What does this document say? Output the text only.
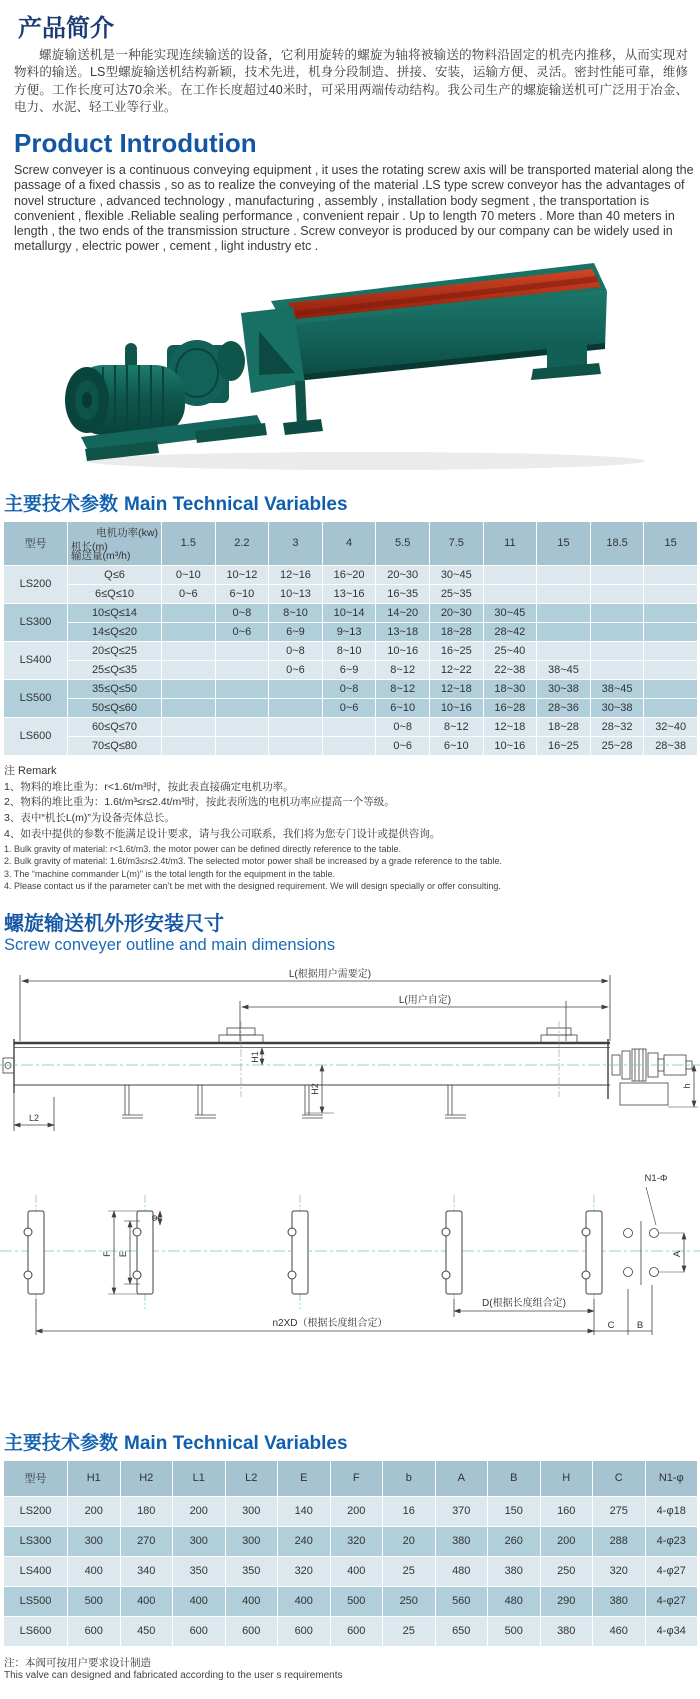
产品简介

螺旋输送机是一种能实现连续输送的设备，它利用旋转的螺旋为轴将被输送的物料沿固定的机壳内推移，从而实现对物料的输送。LS型螺旋输送机结构新颖，技术先进，机身分段制造、拼接、安装，运输方便、灵活。密封性能可靠，维修方便。工作长度可达70余米。在工作长度超过40米时，可采用两端传动结构。我公司生产的螺旋输送机可广泛用于冶金、电力、水泥、轻工业等行业。

Product Introdution

Screw conveyer is a continuous conveying equipment , it uses the rotating screw axis will be transported material along the passage of a fixed chassis , so as to realize the conveying of the material .LS type screw conveyor has the advantages of novel structure , advanced technology , manufacturing , assembly , installation body segment , the transportation is convenient , flexible .Reliable sealing performance , convenient repair . Up to length 70 meters . More than 40 meters in length , the two ends of the transmission structure . Screw conveyor is produced by our company can be widely used in metallurgy , electric power , cement , light industry etc .

主要技术参数 Main Technical Variables
型号	电机功率(kw)
机长(m)
输送量(m³/h)	1.5	2.2	3	4	5.5	7.5	11	15	18.5	15
LS200	Q≤6	0~10	10~12	12~16	16~20	20~30	30~45				
	6≤Q≤10	0~6	6~10	10~13	13~16	16~35	25~35				
LS300	10≤Q≤14		0~8	8~10	10~14	14~20	20~30	30~45			
	14≤Q≤20		0~6	6~9	9~13	13~18	18~28	28~42			
LS400	20≤Q≤25			0~8	8~10	10~16	16~25	25~40			
	25≤Q≤35			0~6	6~9	8~12	12~22	22~38	38~45		
LS500	35≤Q≤50				0~8	8~12	12~18	18~30	30~38	38~45	
	50≤Q≤60				0~6	6~10	10~16	16~28	28~36	30~38	
LS600	60≤Q≤70					0~8	8~12	12~18	18~28	28~32	32~40
	70≤Q≤80					0~6	6~10	10~16	16~25	25~28	28~38
注 Remark
1、物料的堆比重为：r<1.6t/m³时，按此表直接确定电机功率。
2、物料的堆比重为：1.6t/m³≤r≤2.4t/m³时，按此表所选的电机功率应提高一个等级。
3、表中“机长L(m)”为设备壳体总长。
4、如表中提供的参数不能满足设计要求，请与我公司联系，我们将为您专门设计或提供咨询。
1. Bulk gravity of material: r<1.6t/m3. the motor power can be defined directly reference to the table.
2. Bulk gravity of material: 1.6t/m3≤r≤2.4t/m3. The selected motor power shall be increased by a grade reference to the table.
3. The “machine commander L(m)” is the total length for the equipment in the table.
4. Please contact us if the parameter can’t be met with the designed requirement. We will design specially or offer consulting.
螺旋输送机外形安装尺寸
Screw conveyer outline and main dimensions
L(根据用户需要定)
L(用户自定)
L2
H1
H2	h
F E
φ
N1-Φ
A
D(根据长度组合定)
n2XD（根据长度组合定）	C B
主要技术参数 Main Technical Variables
型号	H1	H2	L1	L2	E	F	b	A	B	H	C	N1-φ
LS200	200	180	200	300	140	200	16	370	150	160	275	4-φ18
LS300	300	270	300	300	240	320	20	380	260	200	288	4-φ23
LS400	400	340	350	350	320	400	25	480	380	250	320	4-φ27
LS500	500	400	400	400	400	500	250	560	480	290	380	4-φ27
LS600	600	450	600	600	600	600	25	650	500	380	460	4-φ34
注：本阀可按用户要求设计制造
This valve can designed and fabricated according to the user s requirements
